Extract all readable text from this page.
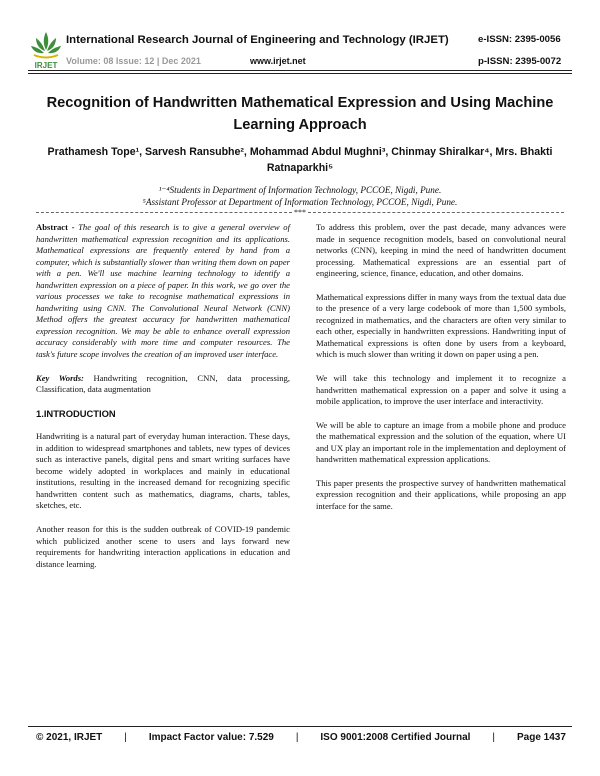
IRJET
International Research Journal of Engineering and Technology (IRJET)	e-ISSN: 2395-0056
Volume: 08 Issue: 12 | Dec 2021	www.irjet.net	p-ISSN: 2395-0072
Recognition of Handwritten Mathematical Expression and Using Machine Learning Approach
Prathamesh Tope¹, Sarvesh Ransubhe², Mohammad Abdul Mughni³, Chinmay Shiralkar⁴, Mrs. Bhakti Ratnaparkhi⁵
¹⁻⁴Students in Department of Information Technology, PCCOE, Nigdi, Pune.
⁵Assistant Professor at Department of Information Technology, PCCOE, Nigdi, Pune.
***

Abstract - The goal of this research is to give a general overview of handwritten mathematical expression recognition and its applications. Mathematical expressions are frequently entered by hand from a computer, which is substantially slower than writing them down on paper with a pen. We'll use machine learning technology to identify a handwritten expression on a piece of paper. In this work, we go over the various processes we take to recognise mathematical expressions in handwriting using CNN. The Convolutional Neural Network (CNN) Method offers the greatest accuracy for handwritten mathematical expression recognition. We may be able to enhance overall expression accuracy considerably with more time and computer resources. The task's future scope involves the creation of an improved user interface.

Key Words: Handwriting recognition, CNN, data processing, Classification, data augmentation

1.INTRODUCTION

Handwriting is a natural part of everyday human interaction. These days, in addition to widespread smartphones and tablets, new types of devices such as interactive panels, digital pens and smart writing surfaces have become widely adopted in workplaces and mainly in educational institutions, resulting in the increased demand for recognizing specific handwritten content such as mathematics, diagrams, charts, tables, sketches, etc.

Another reason for this is the sudden outbreak of COVID-19 pandemic which publicized another scene to users and lays forward new requirements for handwriting interaction applications in education and distance learning.

To address this problem, over the past decade, many advances were made in sequence recognition models, based on convolutional neural networks (CNN), keeping in mind the need of handwritten document processing. Mathematical expressions are an essential part of engineering, science, finance, education, and other domains.

Mathematical expressions differ in many ways from the textual data due to the presence of a very large codebook of more than 1,500 symbols, recognized in mathematics, and the characters are often very similar to each other, especially in handwritten expressions. Handwriting input of Mathematical expressions is often done by users from a keyboard, which is much slower than writing it down on paper using a pen.

We will take this technology and implement it to recognize a handwritten mathematical expression on a paper and solve it using a mobile application, to improve the user interface and interactivity.

We will be able to capture an image from a mobile phone and produce the mathematical expression and the solution of the equation, where UI and UX play an important role in the implementation and deployment of handwritten mathematical expression applications.

This paper presents the prospective survey of handwritten mathematical expression recognition and their applications, while proposing an app interface for the same.

© 2021, IRJET | Impact Factor value: 7.529 | ISO 9001:2008 Certified Journal | Page 1437
